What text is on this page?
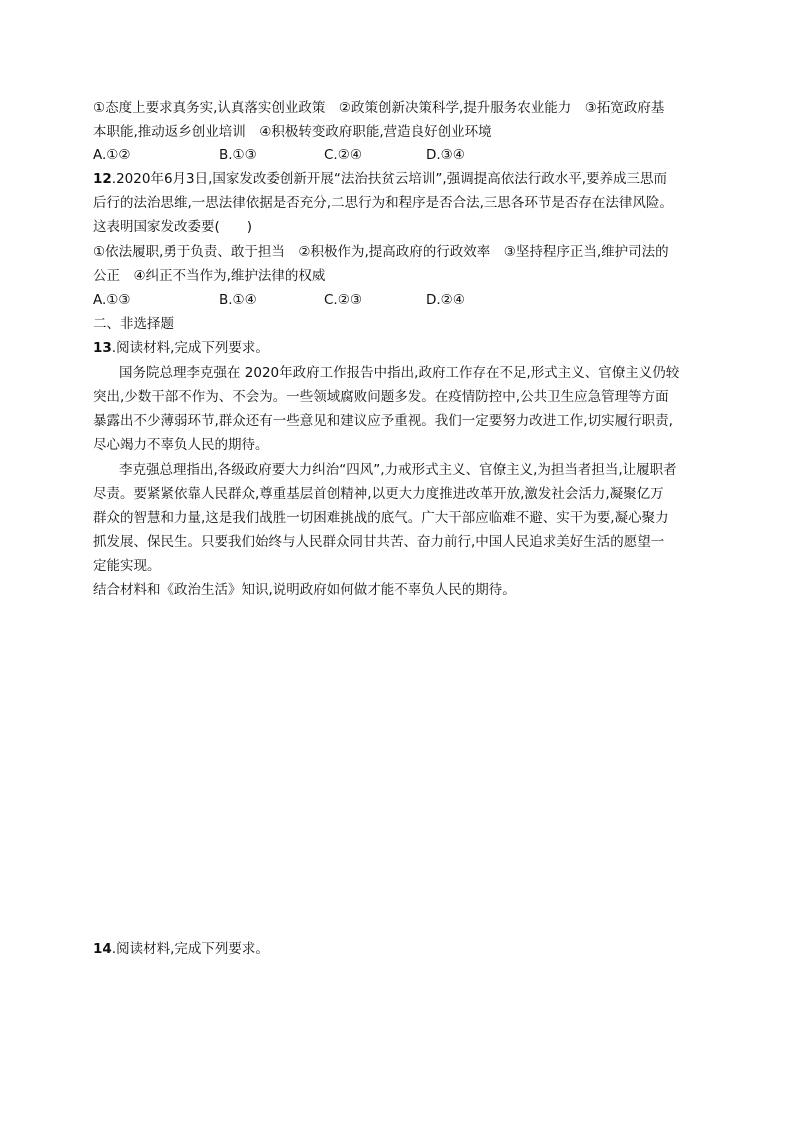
①态度上要求真务实,认真落实创业政策　②政策创新决策科学,提升服务农业能力　③拓宽政府基
本职能,推动返乡创业培训　④积极转变政府职能,营造良好创业环境
A.①②	B.①③	C.②④	D.③④
12.2020年6月3日,国家发改委创新开展“法治扶贫云培训”,强调提高依法行政水平,要养成三思而
后行的法治思维,一思法律依据是否充分,二思行为和程序是否合法,三思各环节是否存在法律风险。
这表明国家发改委要(　　)
①依法履职,勇于负责、敢于担当　②积极作为,提高政府的行政效率　③坚持程序正当,维护司法的
公正　④纠正不当作为,维护法律的权威
A.①③	B.①④	C.②③	D.②④
二、非选择题
13.阅读材料,完成下列要求。
国务院总理李克强在 2020年政府工作报告中指出,政府工作存在不足,形式主义、官僚主义仍较
突出,少数干部不作为、不会为。一些领域腐败问题多发。在疫情防控中,公共卫生应急管理等方面
暴露出不少薄弱环节,群众还有一些意见和建议应予重视。我们一定要努力改进工作,切实履行职责,
尽心竭力不辜负人民的期待。
李克强总理指出,各级政府要大力纠治“四风”,力戒形式主义、官僚主义,为担当者担当,让履职者
尽责。要紧紧依靠人民群众,尊重基层首创精神,以更大力度推进改革开放,激发社会活力,凝聚亿万
群众的智慧和力量,这是我们战胜一切困难挑战的底气。广大干部应临难不避、实干为要,凝心聚力
抓发展、保民生。只要我们始终与人民群众同甘共苦、奋力前行,中国人民追求美好生活的愿望一
定能实现。
结合材料和《政治生活》知识,说明政府如何做才能不辜负人民的期待。
14.阅读材料,完成下列要求。
